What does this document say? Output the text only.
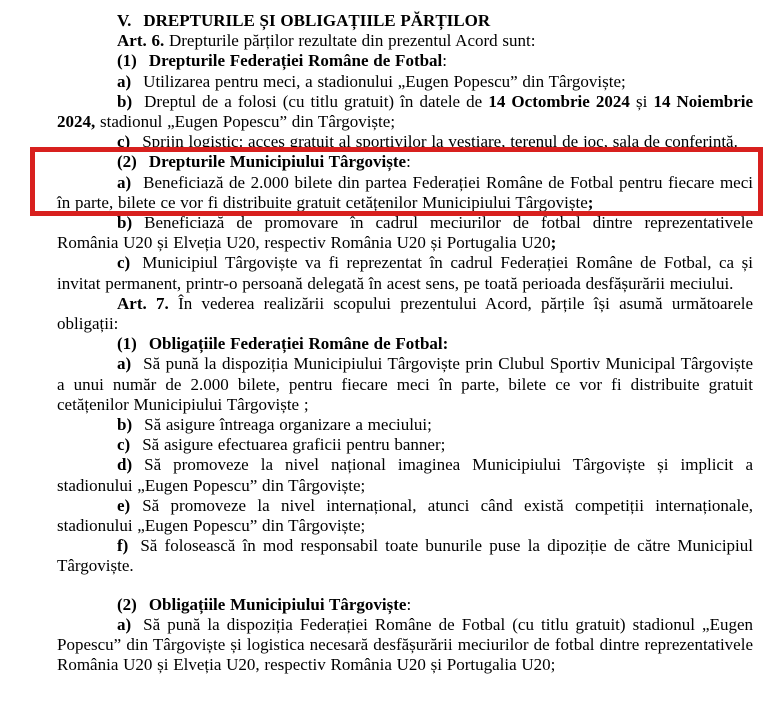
V. DREPTURILE ȘI OBLIGAȚIILE PĂRȚILOR

Art. 6. Drepturile părților rezultate din prezentul Acord sunt:

(1) Drepturile Federației Române de Fotbal:

a) Utilizarea pentru meci, a stadionului „Eugen Popescu” din Târgoviște;

b) Dreptul de a folosi (cu titlu gratuit) în datele de 14 Octombrie 2024 și 14 Noiembrie 2024, stadionul „Eugen Popescu” din Târgoviște;

c) Sprijn logistic: acces gratuit al sportivilor la vestiare, terenul de joc, sala de conferință.

(2) Drepturile Municipiului Târgoviște:

a) Beneficiază de 2.000 bilete din partea Federației Române de Fotbal pentru fiecare meci în parte, bilete ce vor fi distribuite gratuit cetățenilor Municipiului Târgoviște;

b) Beneficiază de promovare în cadrul meciurilor de fotbal dintre reprezentativele România U20 și Elveția U20, respectiv România U20 și Portugalia U20;

c) Municipiul Târgoviște va fi reprezentat în cadrul Federației Române de Fotbal, ca și invitat permanent, printr-o persoană delegată în acest sens, pe toată perioada desfășurării meciului.

Art. 7. În vederea realizării scopului prezentului Acord, părțile își asumă următoarele obligații:

(1) Obligațiile Federației Române de Fotbal:

a) Să pună la dispoziția Municipiului Târgoviște prin Clubul Sportiv Municipal Târgoviște a unui număr de 2.000 bilete, pentru fiecare meci în parte, bilete ce vor fi distribuite gratuit cetățenilor Municipiului Târgoviște ;

b) Să asigure întreaga organizare a meciului;

c) Să asigure efectuarea graficii pentru banner;

d) Să promoveze la nivel național imaginea Municipiului Târgoviște și implicit a stadionului „Eugen Popescu” din Târgoviște;

e) Să promoveze la nivel internațional, atunci când există competiții internaționale, stadionului „Eugen Popescu” din Târgoviște;

f) Să folosească în mod responsabil toate bunurile puse la dipoziție de către Municipiul Târgoviște.

(2) Obligațiile Municipiului Târgoviște:

a) Să pună la dispoziția Federației Române de Fotbal (cu titlu gratuit) stadionul „Eugen Popescu” din Târgoviște și logistica necesară desfășurării meciurilor de fotbal dintre reprezentativele România U20 și Elveția U20, respectiv România U20 și Portugalia U20;
